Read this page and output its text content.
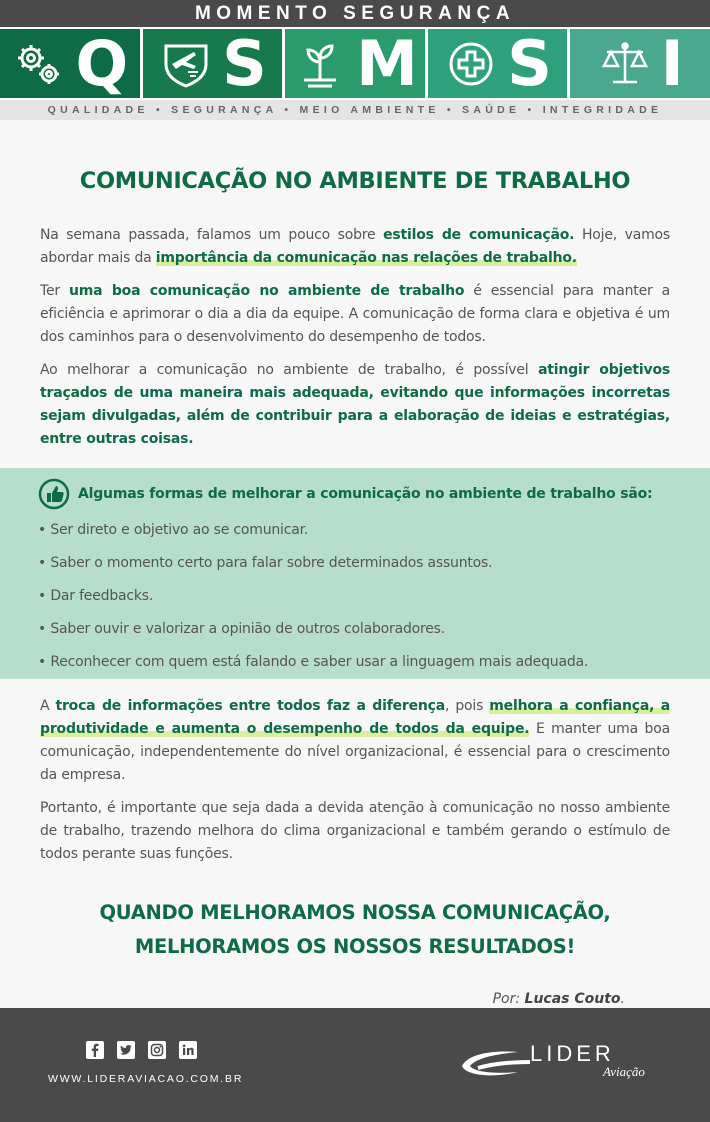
MOMENTO SEGURANÇA
Q S M S I
QUALIDADE • SEGURANÇA • MEIO AMBIENTE • SAÚDE • INTEGRIDADE
COMUNICAÇÃO NO AMBIENTE DE TRABALHO

Na semana passada, falamos um pouco sobre estilos de comunicação. Hoje, vamos abordar mais da importância da comunicação nas relações de trabalho.

Ter uma boa comunicação no ambiente de trabalho é essencial para manter a eficiência e aprimorar o dia a dia da equipe. A comunicação de forma clara e objetiva é um dos caminhos para o desenvolvimento do desempenho de todos.

Ao melhorar a comunicação no ambiente de trabalho, é possível atingir objetivos traçados de uma maneira mais adequada, evitando que informações incorretas sejam divulgadas, além de contribuir para a elaboração de ideias e estratégias, entre outras coisas.

Algumas formas de melhorar a comunicação no ambiente de trabalho são:
• Ser direto e objetivo ao se comunicar.
• Saber o momento certo para falar sobre determinados assuntos.
• Dar feedbacks.
• Saber ouvir e valorizar a opinião de outros colaboradores.
• Reconhecer com quem está falando e saber usar a linguagem mais adequada.

A troca de informações entre todos faz a diferença, pois melhora a confiança, a produtividade e aumenta o desempenho de todos da equipe. E manter uma boa comunicação, independentemente do nível organizacional, é essencial para o crescimento da empresa.

Portanto, é importante que seja dada a devida atenção à comunicação no nosso ambiente de trabalho, trazendo melhora do clima organizacional e também gerando o estímulo de todos perante suas funções.

QUANDO MELHORAMOS NOSSA COMUNICAÇÃO,
MELHORAMOS OS NOSSOS RESULTADOS!
Por: Lucas Couto.
WWW.LIDERAVIACAO.COM.BR
LIDER
Aviação
